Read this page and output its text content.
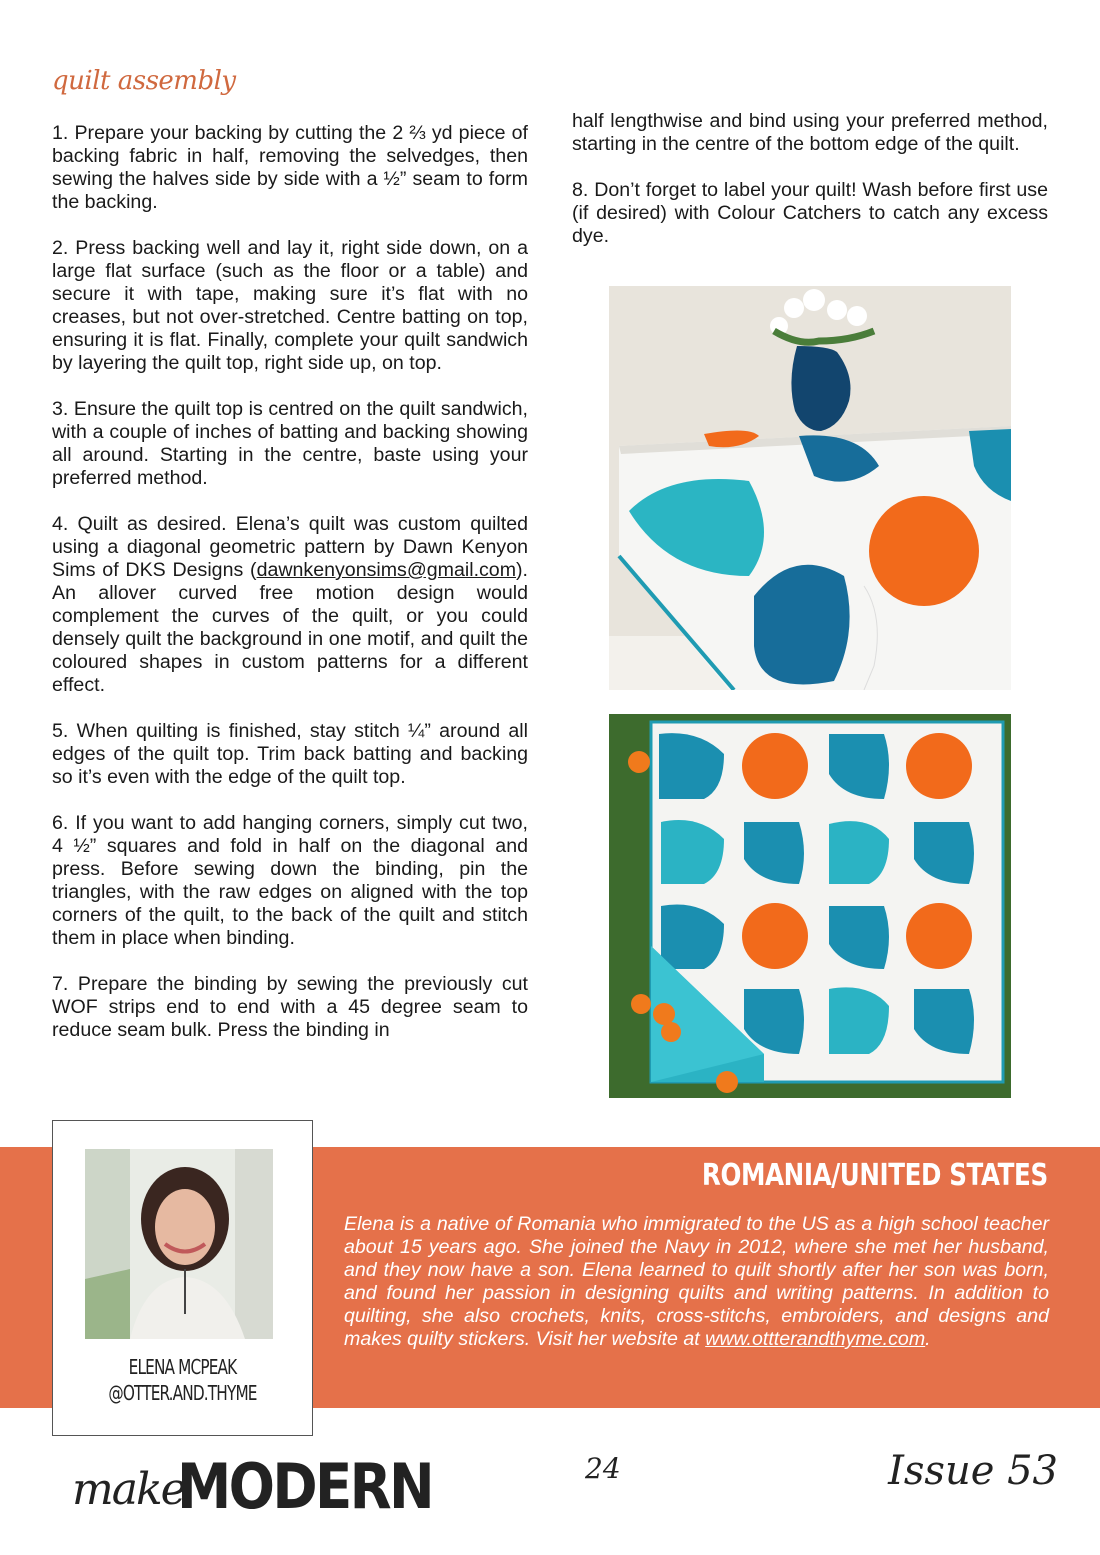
quilt assembly

1. Prepare your backing by cutting the 2 ⅔ yd piece of backing fabric in half, removing the selvedges, then sewing the halves side by side with a ½” seam to form the backing.

2. Press backing well and lay it, right side down, on a large flat surface (such as the floor or a table) and secure it with tape, making sure it’s flat with no creases, but not over-stretched. Centre batting on top, ensuring it is flat. Finally, complete your quilt sandwich by layering the quilt top, right side up, on top.

3. Ensure the quilt top is centred on the quilt sandwich, with a couple of inches of batting and backing showing all around. Starting in the centre, baste using your preferred method.

4. Quilt as desired. Elena’s quilt was custom quilted using a diagonal geometric pattern by Dawn Kenyon Sims of DKS Designs (dawnkenyonsims@gmail.com). An allover curved free motion design would complement the curves of the quilt, or you could densely quilt the background in one motif, and quilt the coloured shapes in custom patterns for a different effect.

5. When quilting is finished, stay stitch ¼” around all edges of the quilt top. Trim back batting and backing so it’s even with the edge of the quilt top.

6. If you want to add hanging corners, simply cut two, 4 ½” squares and fold in half on the diagonal and press. Before sewing down the binding, pin the triangles, with the raw edges on aligned with the top corners of the quilt, to the back of the quilt and stitch them in place when binding.

7. Prepare the binding by sewing the previously cut WOF strips end to end with a 45 degree seam to reduce seam bulk. Press the binding in

half lengthwise and bind using your preferred method, starting in the centre of the bottom edge of the quilt.

8. Don’t forget to label your quilt! Wash before first use (if desired) with Colour Catchers to catch any excess dye.

ROMANIA/UNITED STATES
Elena is a native of Romania who immigrated to the US as a high school teacher about 15 years ago. She joined the Navy in 2012, where she met her husband, and they now have a son. Elena learned to quilt shortly after her son was born, and found her passion in designing quilts and writing patterns. In addition to quilting, she also crochets, knits, cross-stitchs, embroiders, and designs and makes quilty stickers. Visit her website at www.ottterandthyme.com.
ELENA MCPEAK
@OTTER.AND.THYME
make
MODERN	24	Issue 53
